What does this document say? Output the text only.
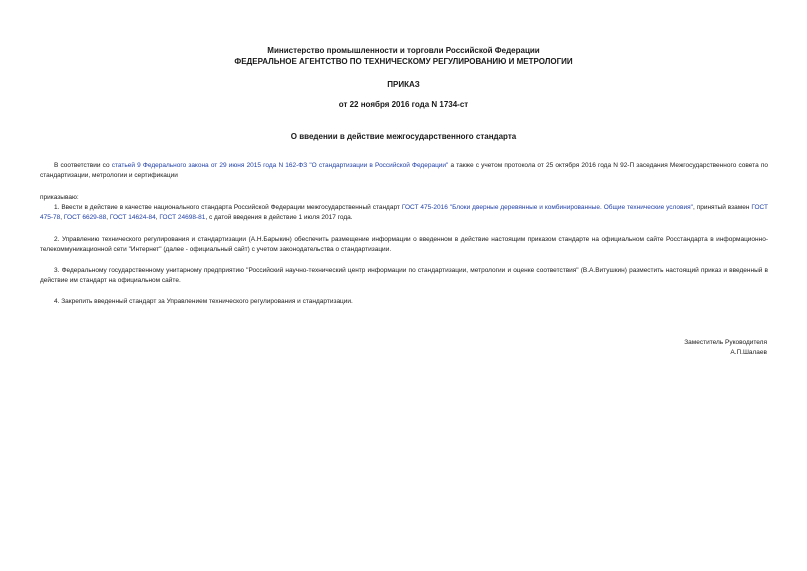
Министерство промышленности и торговли Российской Федерации
ФЕДЕРАЛЬНОЕ АГЕНТСТВО ПО ТЕХНИЧЕСКОМУ РЕГУЛИРОВАНИЮ И МЕТРОЛОГИИ
ПРИКАЗ
от 22 ноября 2016 года N 1734-ст
О введении в действие межгосударственного стандарта
В соответствии со статьей 9 Федерального закона от 29 июня 2015 года N 162-ФЗ "О стандартизации в Российской Федерации" а также с учетом протокола от 25 октября 2016 года N 92-П заседания Межгосударственного совета по стандартизации, метрологии и сертификации
приказываю:
1. Ввести в действие в качестве национального стандарта Российской Федерации межгосударственный стандарт ГОСТ 475-2016 "Блоки дверные деревянные и комбинированные. Общие технические условия", принятый взамен ГОСТ 475-78, ГОСТ 6629-88, ГОСТ 14624-84, ГОСТ 24698-81, с датой введения в действие 1 июля 2017 года.
2. Управлению технического регулирования и стандартизации (А.Н.Барыкин) обеспечить размещение информации о введенном в действие настоящим приказом стандарте на официальном сайте Росстандарта в информационно-телекоммуникационной сети "Интернет" (далее - официальный сайт) с учетом законодательства о стандартизации.
3. Федеральному государственному унитарному предприятию "Российский научно-технический центр информации по стандартизации, метрологии и оценке соответствия" (В.А.Витушкин) разместить настоящий приказ и введенный в действие им стандарт на официальном сайте.
4. Закрепить введенный стандарт за Управлением технического регулирования и стандартизации.
Заместитель Руководителя
А.П.Шалаев
